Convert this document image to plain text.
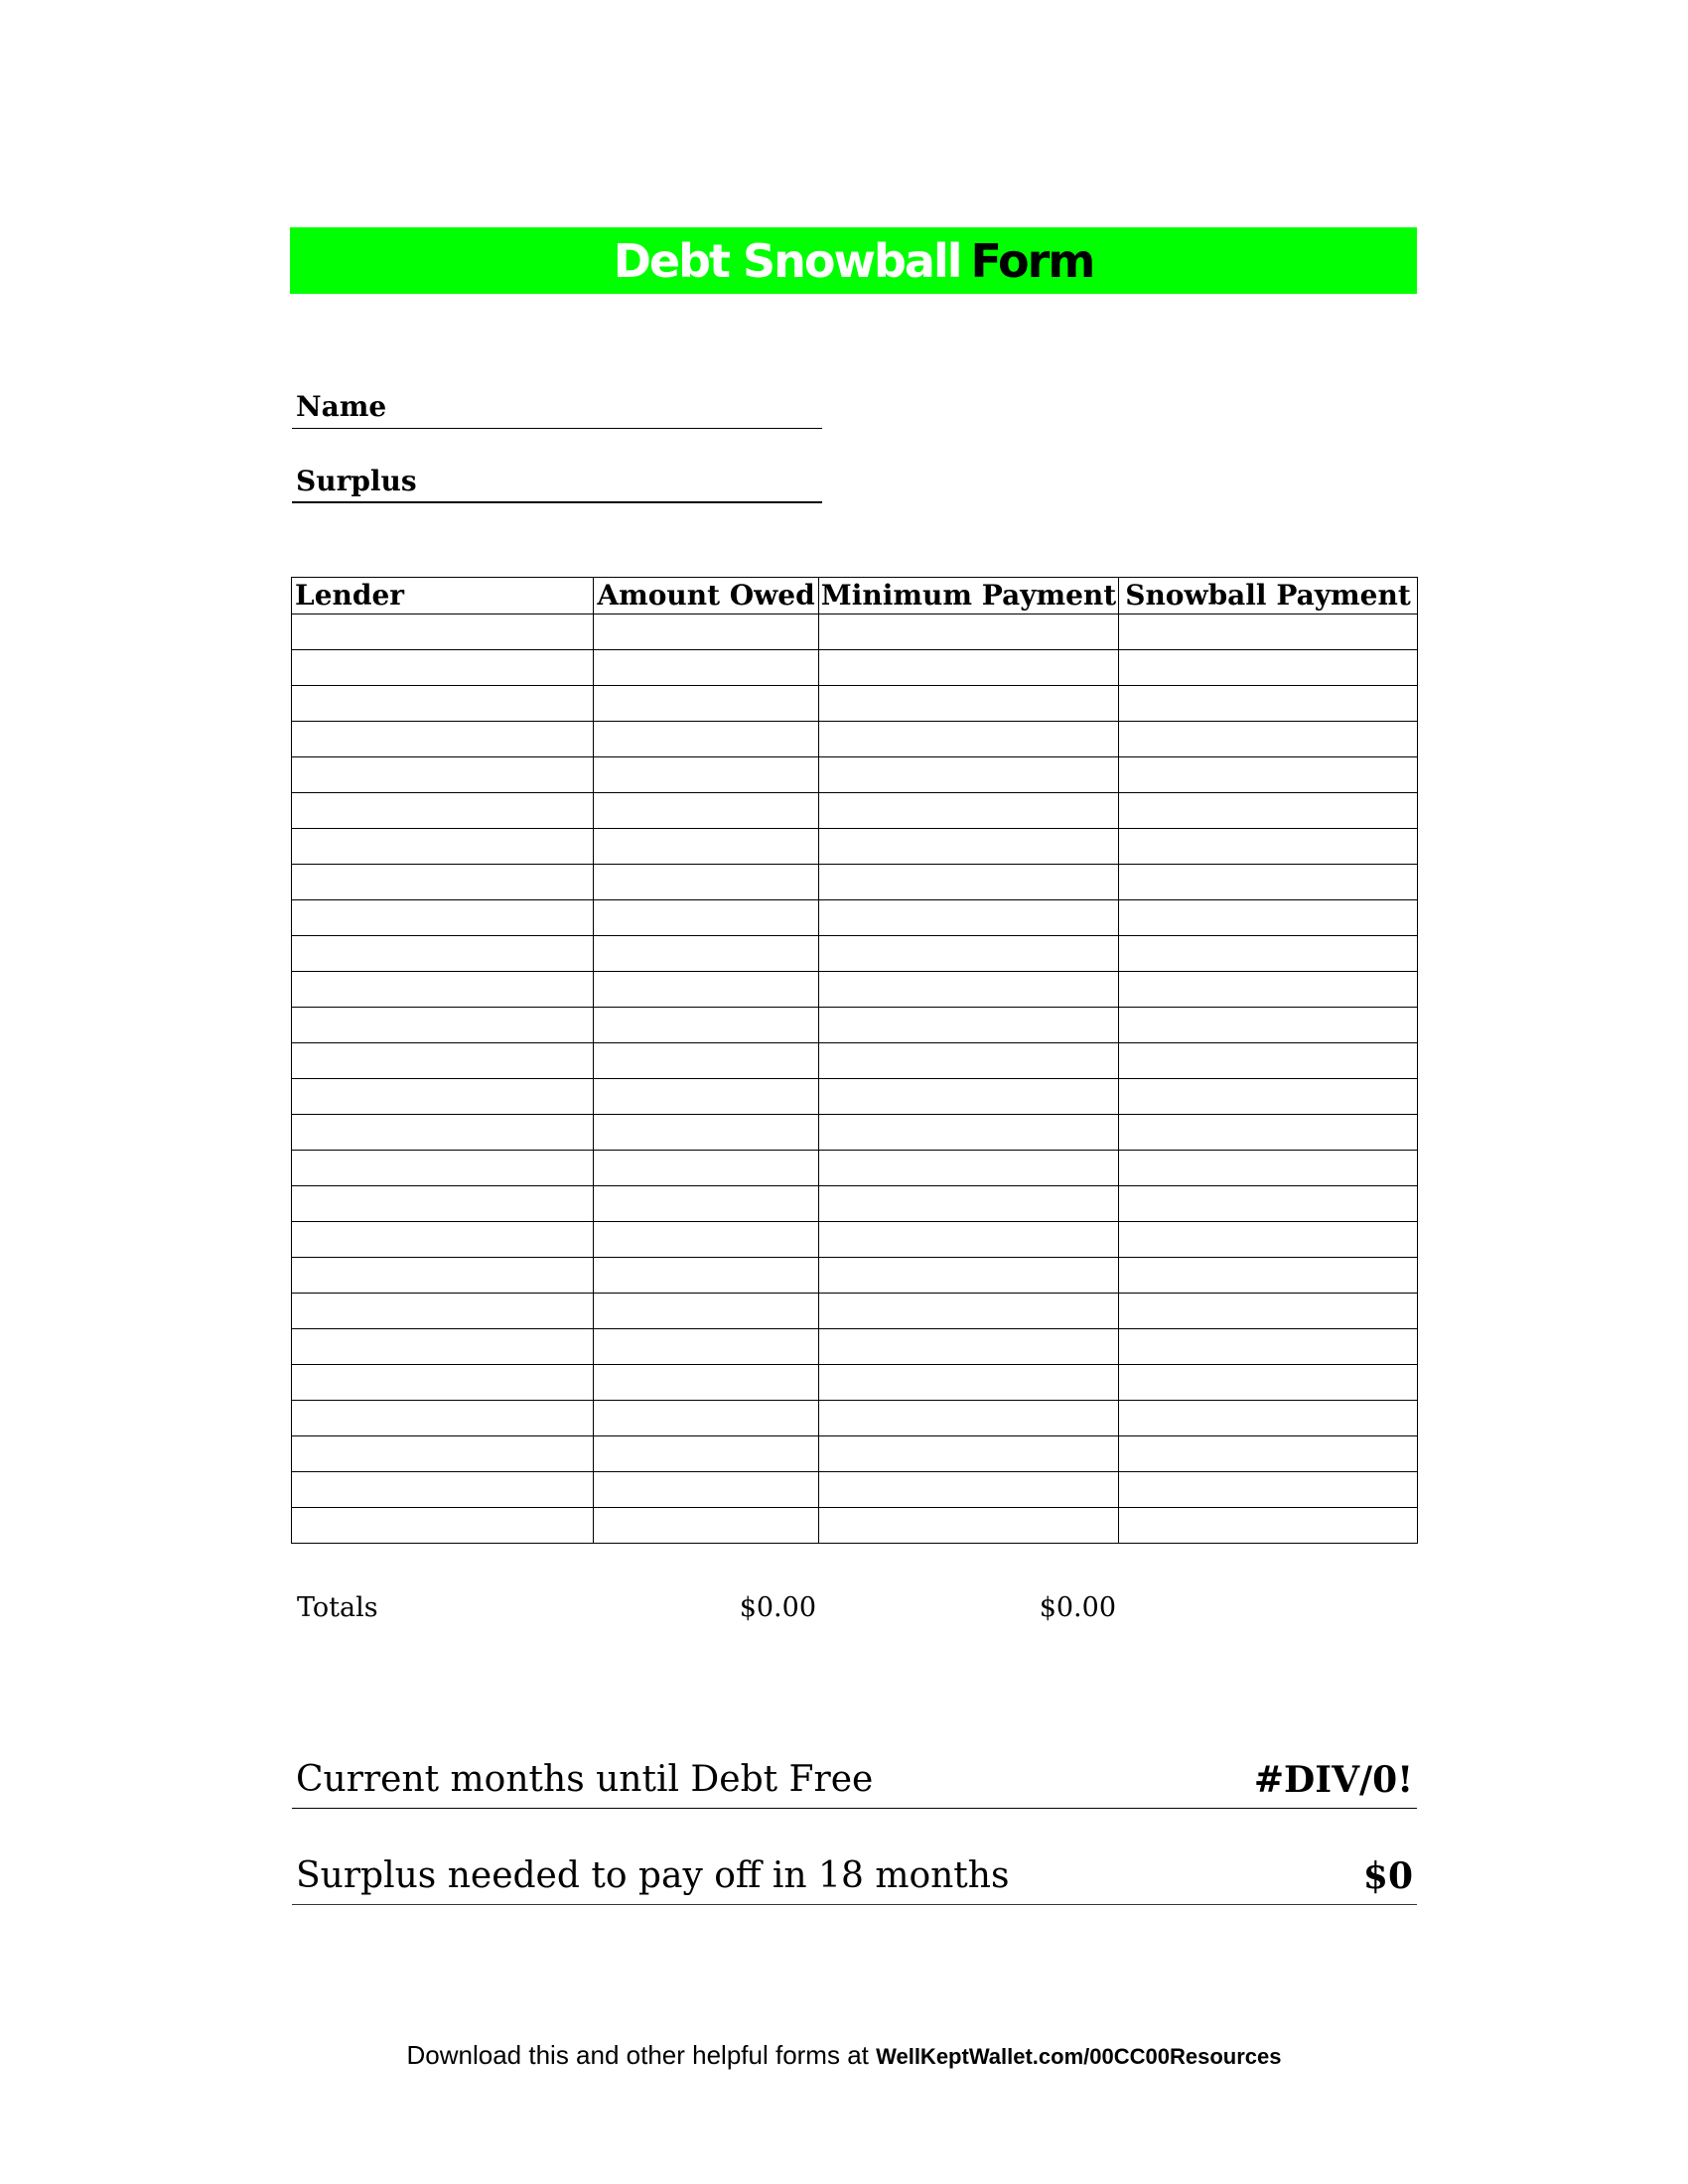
Debt Snowball Form
Name
Surplus
Lender	Amount Owed	Minimum Payment	Snowball Payment

Totals	$0.00	$0.00
Current months until Debt Free	#DIV/0!
Surplus needed to pay off in 18 months	$0
Download this and other helpful forms at WellKeptWallet.com/00CC00Resources
